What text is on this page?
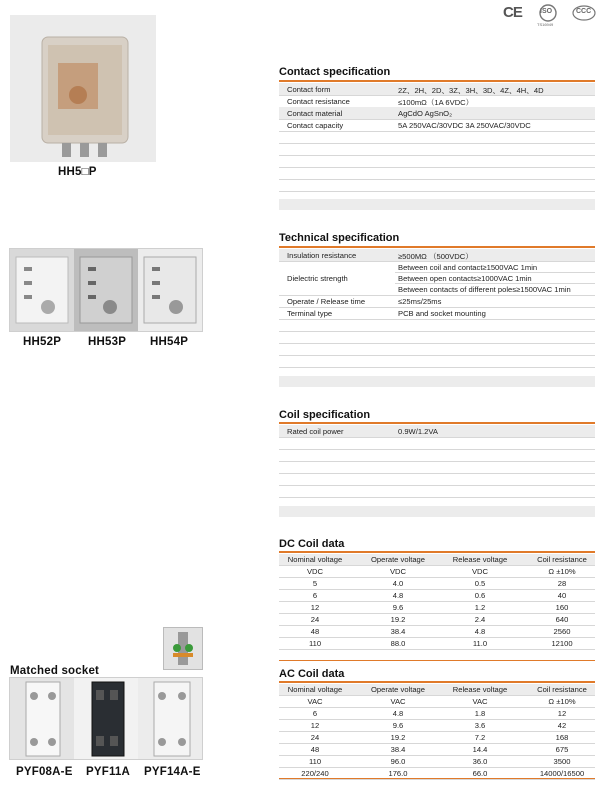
CE	ISO
TS16949
CCC
HH5□P
HH52P HH53P HH54P
Matched socket
PYF08A-E PYF11A PYF14A-E
Contact specification
Contact form	2Z、2H、2D、3Z、3H、3D、4Z、4H、4D
Contact resistance	≤100mΩ（1A 6VDC）
Contact material	AgCdO AgSnO₂
Contact capacity	5A 250VAC/30VDC 3A 250VAC/30VDC
Technical specification
Insulation resistance	≥500MΩ （500VDC）
Dielectric strength
Between coil and contact≥1500VAC 1min
Between open contacts≥1000VAC 1min
Between contacts of different poles≥1500VAC 1min
Operate / Release time	≤25ms/25ms
Terminal type	PCB and socket mounting
Coil specification
Rated coil power	0.9W/1.2VA
DC Coil data
Nominal voltage	Operate voltage	Release voltage	Coil resistance
VDC	VDC	VDC	Ω ±10%
5	4.0	0.5	28
6	4.8	0.6	40
12	9.6	1.2	160
24	19.2	2.4	640
48	38.4	4.8	2560
110	88.0	11.0	12100
AC Coil data
Nominal voltage	Operate voltage	Release voltage	Coil resistance
VAC	VAC	VAC	Ω ±10%
6	4.8	1.8	12
12	9.6	3.6	42
24	19.2	7.2	168
48	38.4	14.4	675
110	96.0	36.0	3500
220/240	176.0	66.0	14000/16500
